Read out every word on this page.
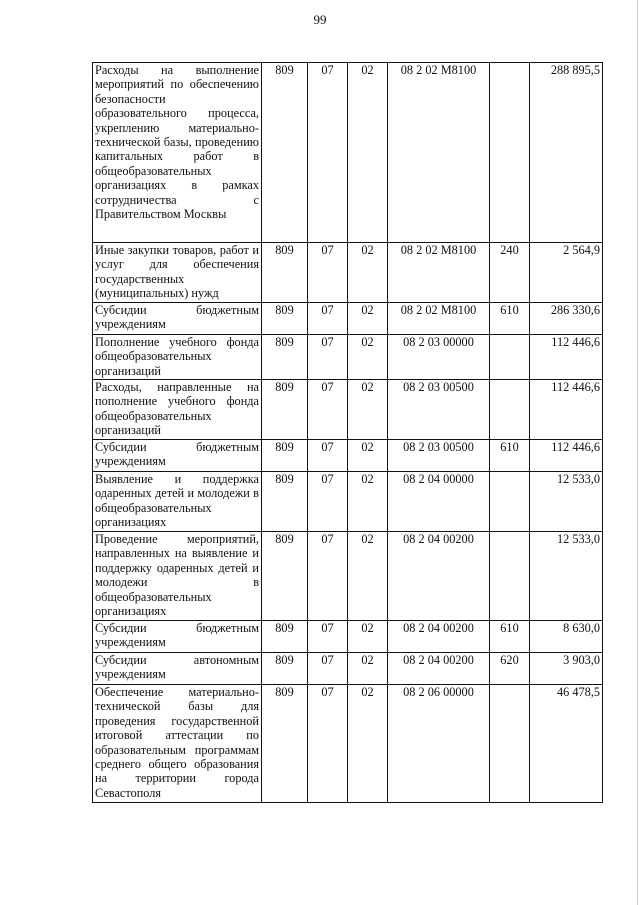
99
Расходы на выполнение мероприятий по обеспечению безопасности образовательного процесса, укреплению материально-технической базы, проведению капитальных работ в общеобразовательных организациях в рамках сотрудничества с Правительством Москвы	809	07	02	08 2 02 М8100		288 895,5
Иные закупки товаров, работ и услуг для обеспечения государственных (муниципальных) нужд	809	07	02	08 2 02 М8100	240	2 564,9
Субсидии бюджетным учреждениям	809	07	02	08 2 02 М8100	610	286 330,6
Пополнение учебного фонда общеобразовательных организаций	809	07	02	08 2 03 00000		112 446,6
Расходы, направленные на пополнение учебного фонда общеобразовательных организаций	809	07	02	08 2 03 00500		112 446,6
Субсидии бюджетным учреждениям	809	07	02	08 2 03 00500	610	112 446,6
Выявление и поддержка одаренных детей и молодежи в общеобразовательных организациях	809	07	02	08 2 04 00000		12 533,0
Проведение мероприятий, направленных на выявление и поддержку одаренных детей и молодежи в общеобразовательных организациях	809	07	02	08 2 04 00200		12 533,0
Субсидии бюджетным учреждениям	809	07	02	08 2 04 00200	610	8 630,0
Субсидии автономным учреждениям	809	07	02	08 2 04 00200	620	3 903,0
Обеспечение материально-технической базы для проведения государственной итоговой аттестации по образовательным программам среднего общего образования на территории города Севастополя	809	07	02	08 2 06 00000		46 478,5
